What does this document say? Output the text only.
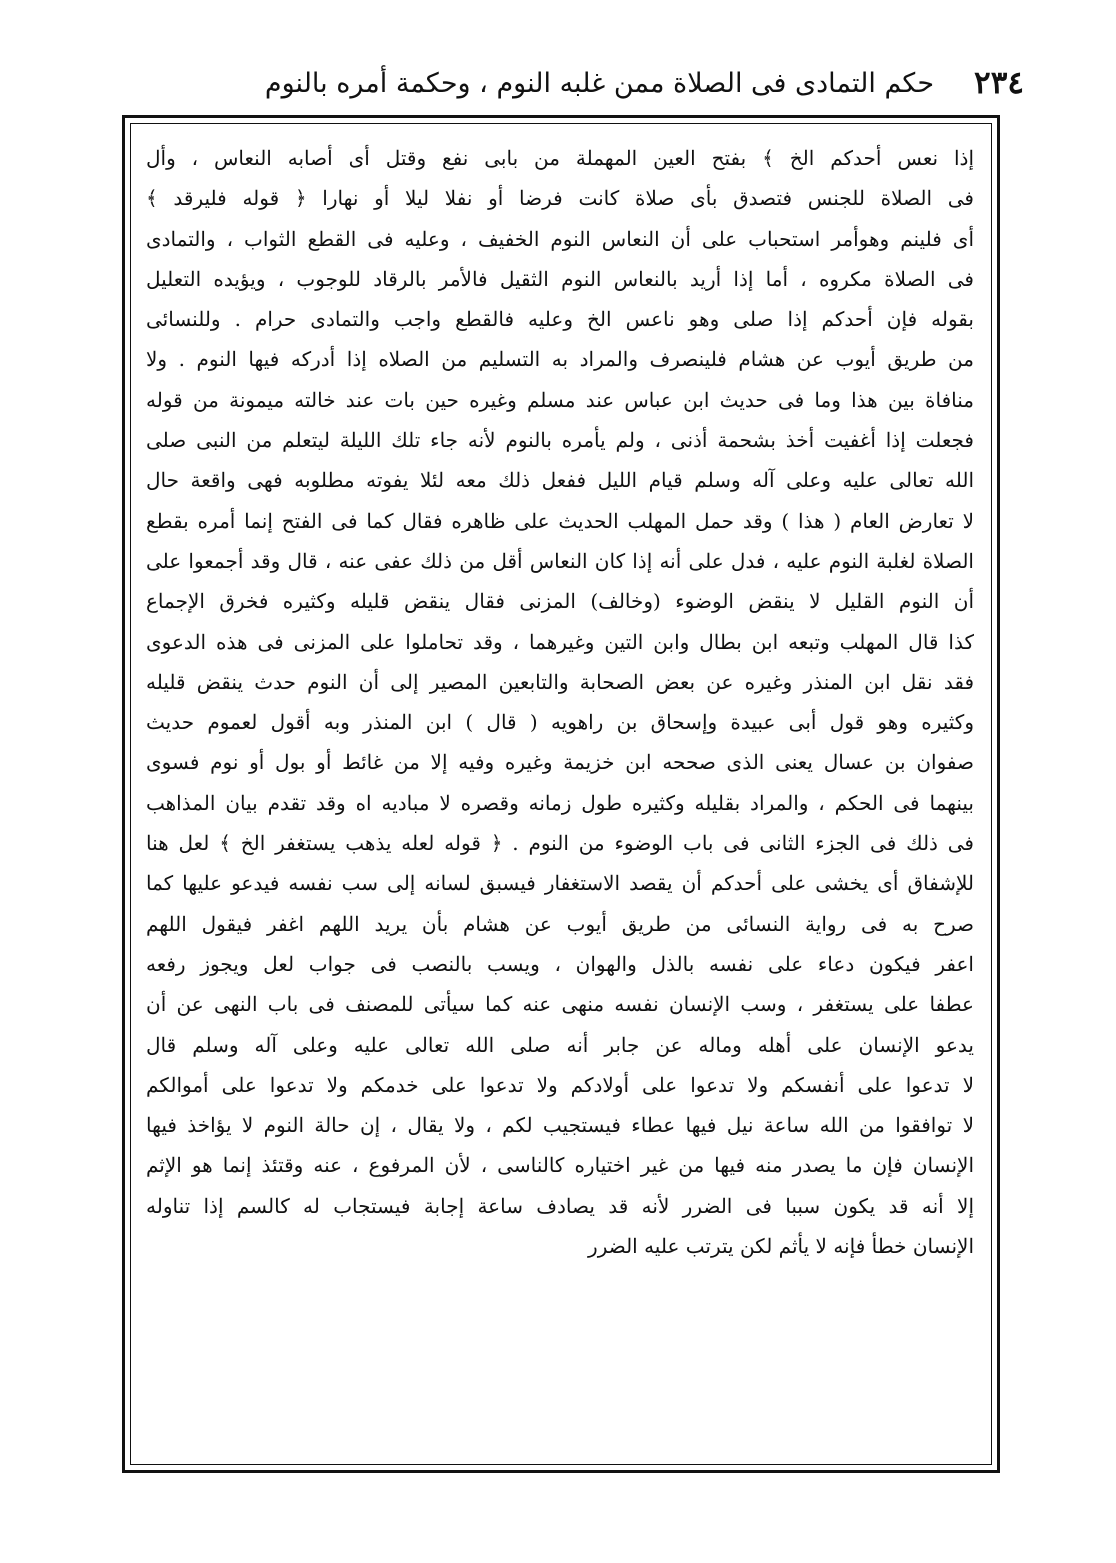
٢٣٤
حكم التمادى فى الصلاة ممن غلبه النوم ، وحكمة أمره بالنوم
إذا نعس أحدكم الخ ﴾ بفتح العين المهملة من بابى نفع وقتل أى أصابه النعاس ، وأل
فى الصلاة للجنس فتصدق بأى صلاة كانت فرضا أو نفلا ليلا أو نهارا ﴿ قوله فليرقد ﴾
أى فلينم وهوأمر استحباب على أن النعاس النوم الخفيف ، وعليه فى القطع الثواب ، والتمادى
فى الصلاة مكروه ، أما إذا أريد بالنعاس النوم الثقيل فالأمر بالرقاد للوجوب ، ويؤيده التعليل
بقوله فإن أحدكم إذا صلى وهو ناعس الخ وعليه فالقطع واجب والتمادى حرام . وللنسائى
من طريق أيوب عن هشام فلينصرف والمراد به التسليم من الصلاه إذا أدركه فيها النوم . ولا
منافاة بين هذا وما فى حديث ابن عباس عند مسلم وغيره حين بات عند خالته ميمونة من قوله
فجعلت إذا أغفيت أخذ بشحمة أذنى ، ولم يأمره بالنوم لأنه جاء تلك الليلة ليتعلم من النبى صلى
الله تعالى عليه وعلى آله وسلم قيام الليل ففعل ذلك معه لئلا يفوته مطلوبه فهى واقعة حال
لا تعارض العام ( هذا ) وقد حمل المهلب الحديث على ظاهره فقال كما فى الفتح إنما أمره بقطع
الصلاة لغلبة النوم عليه ، فدل على أنه إذا كان النعاس أقل من ذلك عفى عنه ، قال وقد أجمعوا على
أن النوم القليل لا ينقض الوضوء (وخالف) المزنى فقال ينقض قليله وكثيره فخرق الإجماع
كذا قال المهلب وتبعه ابن بطال وابن التين وغيرهما ، وقد تحاملوا على المزنى فى هذه الدعوى
فقد نقل ابن المنذر وغيره عن بعض الصحابة والتابعين المصير إلى أن النوم حدث ينقض قليله
وكثيره وهو قول أبى عبيدة وإسحاق بن راهويه ( قال ) ابن المنذر وبه أقول لعموم حديث
صفوان بن عسال يعنى الذى صححه ابن خزيمة وغيره وفيه إلا من غائط أو بول أو نوم فسوى
بينهما فى الحكم ، والمراد بقليله وكثيره طول زمانه وقصره لا مباديه اه وقد تقدم بيان المذاهب
فى ذلك فى الجزء الثانى فى باب الوضوء من النوم . ﴿ قوله لعله يذهب يستغفر الخ ﴾ لعل هنا
للإشفاق أى يخشى على أحدكم أن يقصد الاستغفار فيسبق لسانه إلى سب نفسه فيدعو عليها كما
صرح به فى رواية النسائى من طريق أيوب عن هشام بأن يريد اللهم اغفر فيقول اللهم
اعفر فيكون دعاء على نفسه بالذل والهوان ، ويسب بالنصب فى جواب لعل ويجوز رفعه
عطفا على يستغفر ، وسب الإنسان نفسه منهى عنه كما سيأتى للمصنف فى باب النهى عن أن
يدعو الإنسان على أهله وماله عن جابر أنه صلى الله تعالى عليه وعلى آله وسلم قال
لا تدعوا على أنفسكم ولا تدعوا على أولادكم ولا تدعوا على خدمكم ولا تدعوا على أموالكم
لا توافقوا من الله ساعة نيل فيها عطاء فيستجيب لكم ، ولا يقال ، إن حالة النوم لا يؤاخذ فيها
الإنسان فإن ما يصدر منه فيها من غير اختياره كالناسى ، لأن المرفوع ، عنه وقتئذ إنما هو الإثم
إلا أنه قد يكون سببا فى الضرر لأنه قد يصادف ساعة إجابة فيستجاب له كالسم إذا تناوله
الإنسان خطأ فإنه لا يأثم لكن يترتب عليه الضرر
